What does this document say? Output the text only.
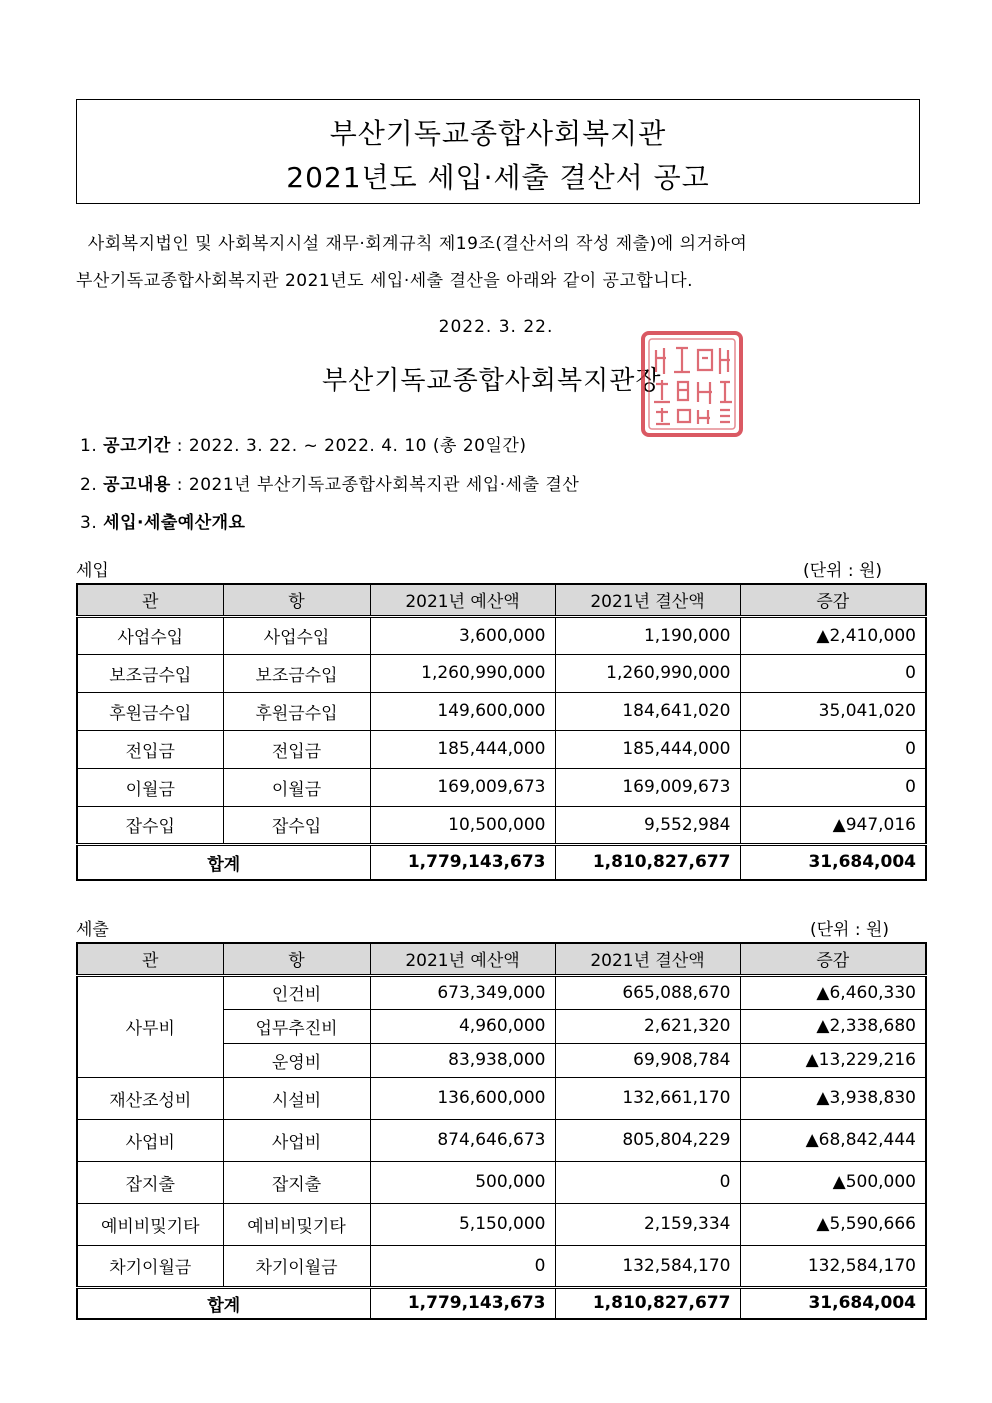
부산기독교종합사회복지관
2021년도 세입·세출 결산서 공고
사회복지법인 및 사회복지시설 재무·회계규칙 제19조(결산서의 작성 제출)에 의거하여
부산기독교종합사회복지관 2021년도 세입·세출 결산을 아래와 같이 공고합니다.
2022. 3. 22.
부산기독교종합사회복지관장
1. 공고기간 : 2022. 3. 22. ~ 2022. 4. 10 (총 20일간)
2. 공고내용 : 2021년 부산기독교종합사회복지관 세입·세출 결산
3. 세입·세출예산개요
세입	(단위 : 원)
관	항	2021년 예산액	2021년 결산액	증감
사업수입	사업수입	3,600,000	1,190,000	▲2,410,000
보조금수입	보조금수입	1,260,990,000	1,260,990,000	0
후원금수입	후원금수입	149,600,000	184,641,020	35,041,020
전입금	전입금	185,444,000	185,444,000	0
이월금	이월금	169,009,673	169,009,673	0
잡수입	잡수입	10,500,000	9,552,984	▲947,016
합계		1,779,143,673	1,810,827,677	31,684,004
세출	(단위 : 원)
관	항	2021년 예산액	2021년 결산액	증감
사무비	인건비	673,349,000	665,088,670	▲6,460,330
	업무추진비	4,960,000	2,621,320	▲2,338,680
	운영비	83,938,000	69,908,784	▲13,229,216
재산조성비	시설비	136,600,000	132,661,170	▲3,938,830
사업비	사업비	874,646,673	805,804,229	▲68,842,444
잡지출	잡지출	500,000	0	▲500,000
예비비및기타	예비비및기타	5,150,000	2,159,334	▲5,590,666
차기이월금	차기이월금	0	132,584,170	132,584,170
합계		1,779,143,673	1,810,827,677	31,684,004
